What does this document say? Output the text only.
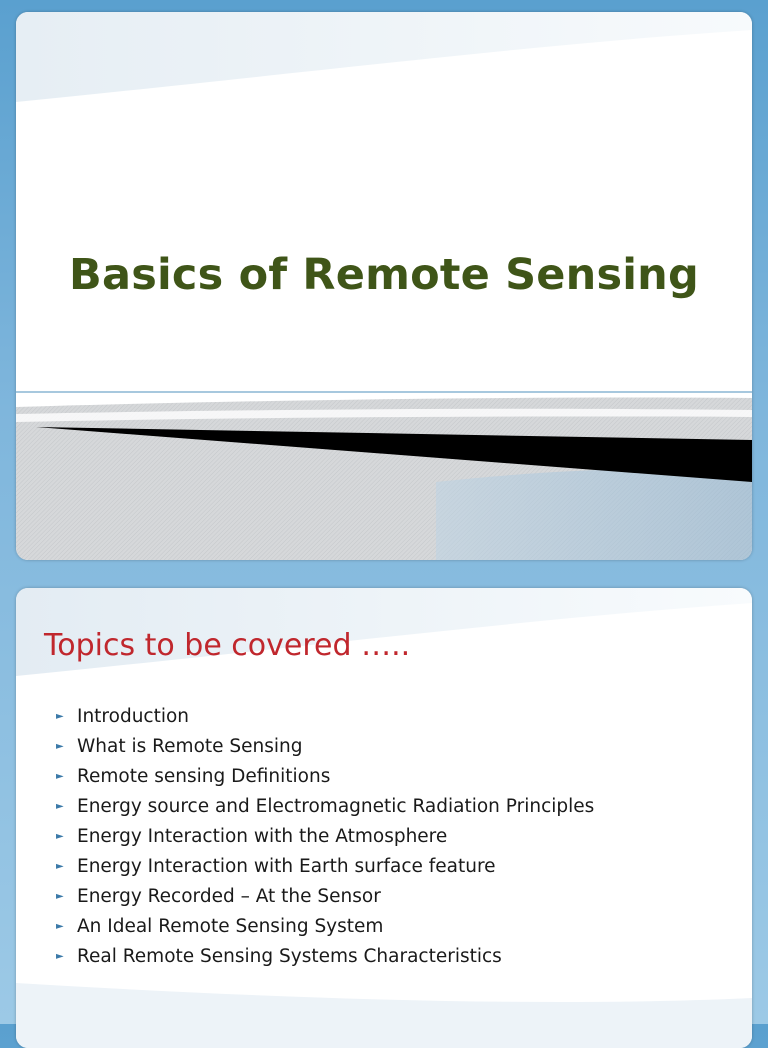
Basics of Remote Sensing
Topics to be covered …..
► Introduction
► What is Remote Sensing
► Remote sensing Definitions
► Energy source and Electromagnetic Radiation Principles
► Energy Interaction with the Atmosphere
► Energy Interaction with Earth surface feature
► Energy Recorded – At the Sensor
► An Ideal Remote Sensing System
► Real Remote Sensing Systems Characteristics
